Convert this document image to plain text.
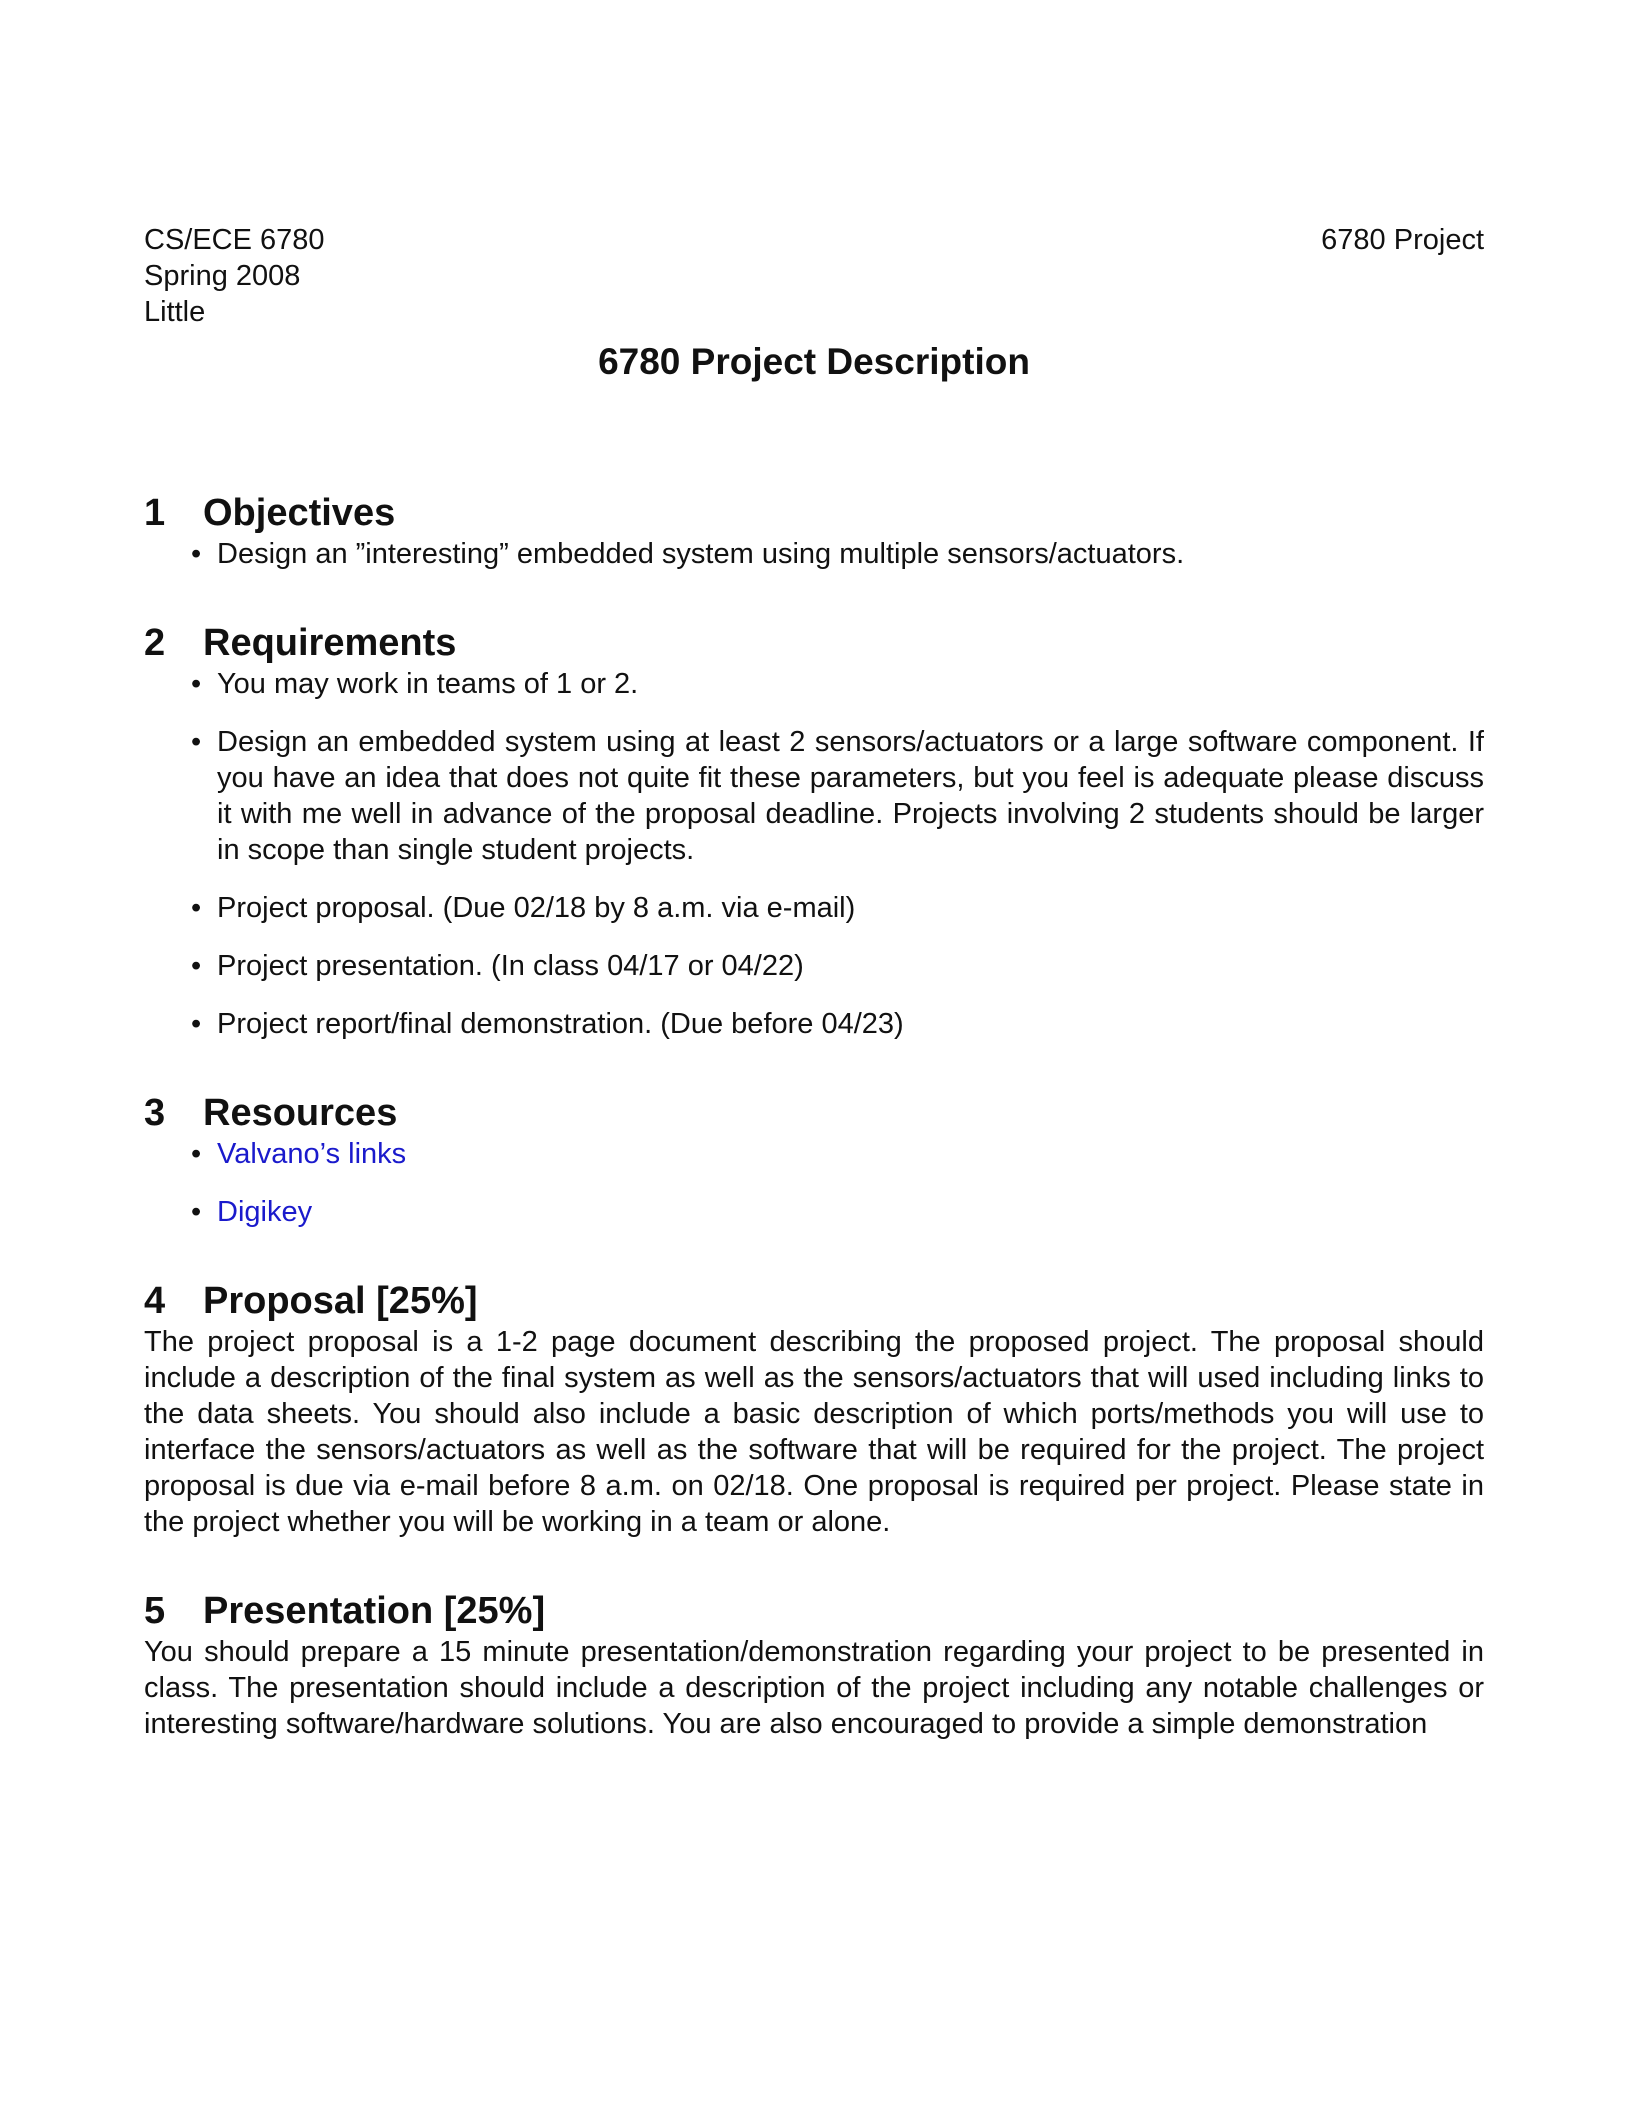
CS/ECE 6780
Spring 2008
Little
6780 Project
6780 Project Description
1 Objectives
• Design an ”interesting” embedded system using multiple sensors/actuators.
2 Requirements
• You may work in teams of 1 or 2.
• Design an embedded system using at least 2 sensors/actuators or a large software component. If you have an idea that does not quite fit these parameters, but you feel is adequate please discuss it with me well in advance of the proposal deadline. Projects involving 2 students should be larger in scope than single student projects.
• Project proposal. (Due 02/18 by 8 a.m. via e-mail)
• Project presentation. (In class 04/17 or 04/22)
• Project report/final demonstration. (Due before 04/23)
3 Resources
• Valvano’s links
• Digikey
4 Proposal [25%]

The project proposal is a 1-2 page document describing the proposed project. The proposal should include a description of the final system as well as the sensors/actuators that will used including links to the data sheets. You should also include a basic description of which ports/methods you will use to interface the sensors/actuators as well as the software that will be required for the project. The project proposal is due via e-mail before 8 a.m. on 02/18. One proposal is required per project. Please state in the project whether you will be working in a team or alone.

5 Presentation [25%]

You should prepare a 15 minute presentation/demonstration regarding your project to be presented in class. The presentation should include a description of the project including any notable challenges or interesting software/hardware solutions. You are also encouraged to provide a simple demonstration
